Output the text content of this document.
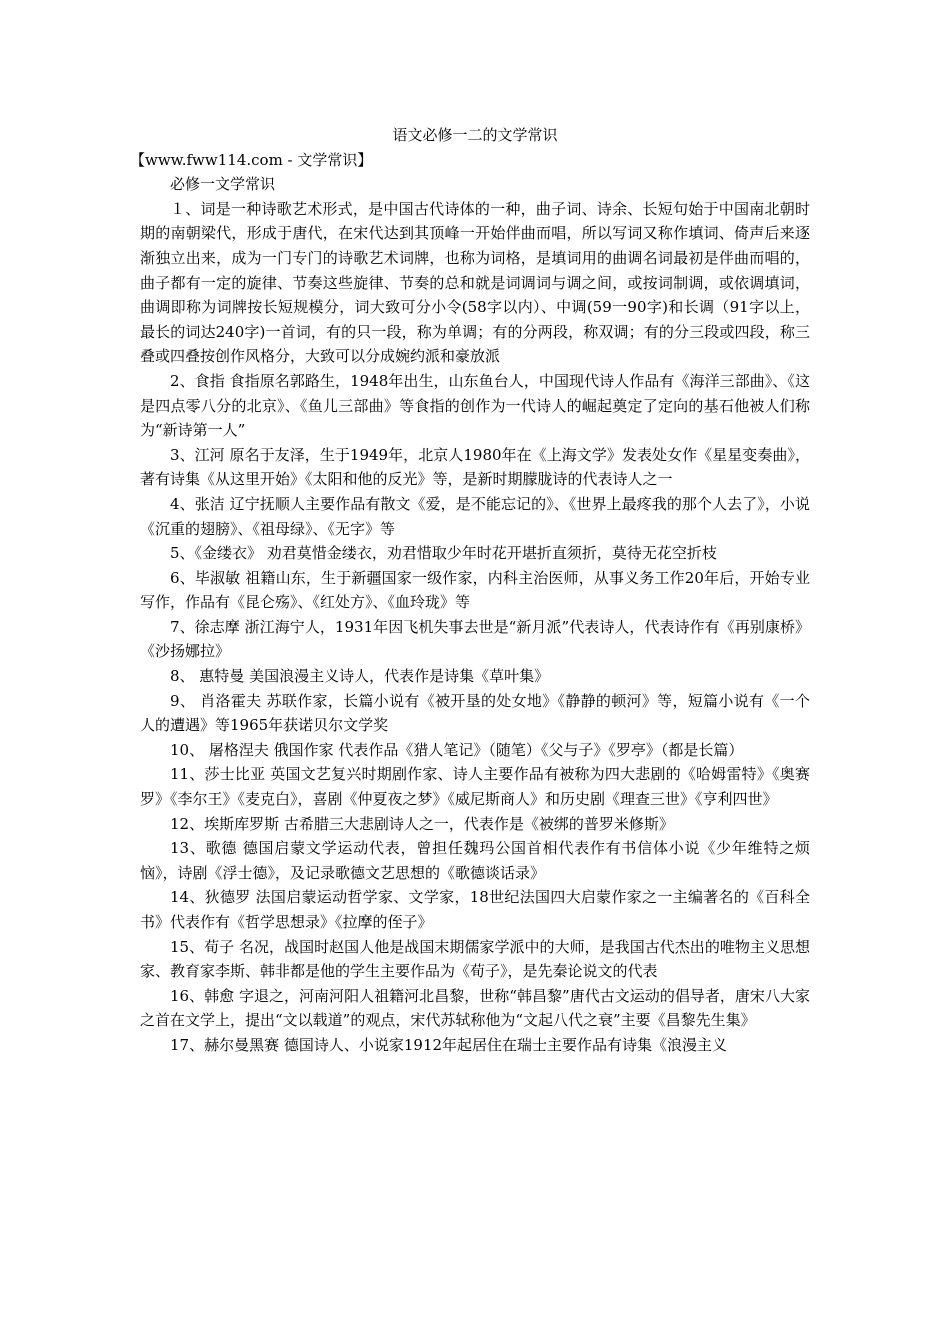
语文必修一二的文学常识

【www.fww114.com - 文学常识】

必修一文学常识

１、词是一种诗歌艺术形式，是中国古代诗体的一种，曲子词、诗余、长短句始于中国南北朝时期的南朝梁代，形成于唐代，在宋代达到其顶峰一开始伴曲而唱，所以写词又称作填词、倚声后来逐渐独立出来，成为一门专门的诗歌艺术词牌，也称为词格，是填词用的曲调名词最初是伴曲而唱的，曲子都有一定的旋律、节奏这些旋律、节奏的总和就是词调词与调之间，或按词制调，或依调填词，曲调即称为词牌按长短规模分，词大致可分小令(58字以内）、中调(59一90字)和长调（91字以上，最长的词达240字)一首词，有的只一段，称为单调；有的分两段，称双调；有的分三段或四段，称三叠或四叠按创作风格分，大致可以分成婉约派和豪放派

2、食指 食指原名郭路生，1948年出生，山东鱼台人，中国现代诗人作品有《海洋三部曲》、《这是四点零八分的北京》、《鱼儿三部曲》等食指的创作为一代诗人的崛起奠定了定向的基石他被人们称为“新诗第一人”

3、江河 原名于友泽，生于1949年，北京人1980年在《上海文学》发表处女作《星星变奏曲》，著有诗集《从这里开始》《太阳和他的反光》等，是新时期朦胧诗的代表诗人之一

4、张洁 辽宁抚顺人主要作品有散文《爱，是不能忘记的》、《世界上最疼我的那个人去了》，小说《沉重的翅膀》、《祖母绿》、《无字》等

5、《金缕衣》 劝君莫惜金缕衣，劝君惜取少年时花开堪折直须折，莫待无花空折枝

6、毕淑敏 祖籍山东，生于新疆国家一级作家，内科主治医师，从事义务工作20年后，开始专业写作，作品有《昆仑殇》、《红处方》、《血玲珑》等

7、徐志摩 浙江海宁人，1931年因飞机失事去世是“新月派”代表诗人，代表诗作有《再别康桥》《沙扬娜拉》

8、 惠特曼 美国浪漫主义诗人，代表作是诗集《草叶集》

9、 肖洛霍夫 苏联作家，长篇小说有《被开垦的处女地》《静静的顿河》等，短篇小说有《一个人的遭遇》等1965年获诺贝尔文学奖

10、 屠格涅夫 俄国作家 代表作品《猎人笔记》（随笔）《父与子》《罗亭》（都是长篇）

11、莎士比亚 英国文艺复兴时期剧作家、诗人主要作品有被称为四大悲剧的《哈姆雷特》《奥赛罗》《李尔王》《麦克白》，喜剧《仲夏夜之梦》《威尼斯商人》和历史剧《理查三世》《亨利四世》

12、埃斯库罗斯 古希腊三大悲剧诗人之一，代表作是《被绑的普罗米修斯》

13、歌德 德国启蒙文学运动代表，曾担任魏玛公国首相代表作有书信体小说《少年维特之烦恼》，诗剧《浮士德》，及记录歌德文艺思想的《歌德谈话录》

14、狄德罗 法国启蒙运动哲学家、文学家，18世纪法国四大启蒙作家之一主编著名的《百科全书》代表作有《哲学思想录》《拉摩的侄子》

15、荀子 名况，战国时赵国人他是战国末期儒家学派中的大师，是我国古代杰出的唯物主义思想家、教育家李斯、韩非都是他的学生主要作品为《荀子》，是先秦论说文的代表

16、韩愈 字退之，河南河阳人祖籍河北昌黎，世称“韩昌黎”唐代古文运动的倡导者，唐宋八大家之首在文学上，提出“文以载道”的观点，宋代苏轼称他为“文起八代之衰”主要《昌黎先生集》

17、赫尔曼黑赛 德国诗人、小说家1912年起居住在瑞士主要作品有诗集《浪漫主义
